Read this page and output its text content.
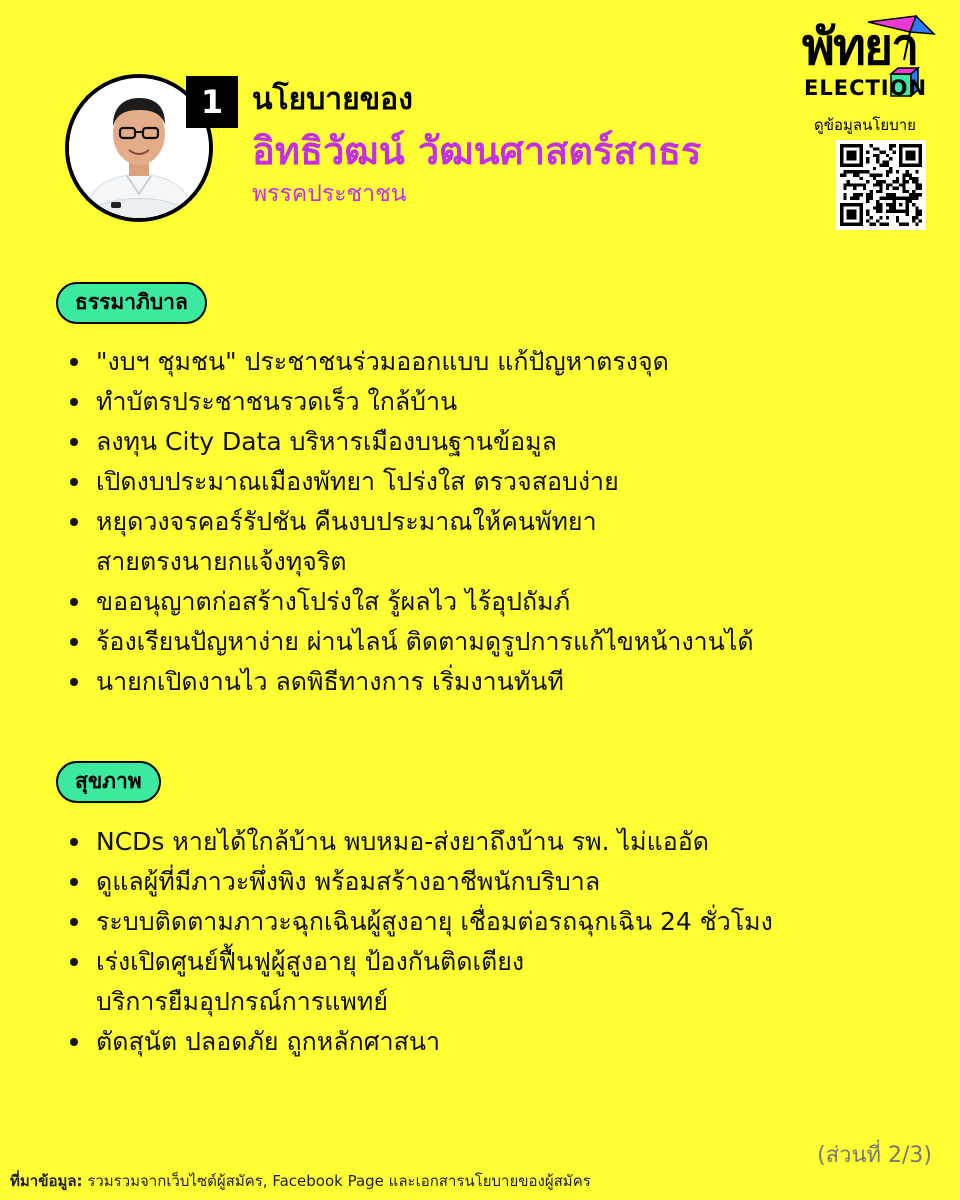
1 นโยบายของ
อิทธิวัฒน์ วัฒนศาสตร์สาธร
พรรคประชาชน
พัทยา
ELECTION
ดูข้อมูลนโยบาย
ธรรมาภิบาล
"งบฯ ชุมชน" ประชาชนร่วมออกแบบ แก้ปัญหาตรงจุด
ทำบัตรประชาชนรวดเร็ว ใกล้บ้าน
ลงทุน City Data บริหารเมืองบนฐานข้อมูล
เปิดงบประมาณเมืองพัทยา โปร่งใส ตรวจสอบง่าย
หยุดวงจรคอร์รัปชัน คืนงบประมาณให้คนพัทยา
สายตรงนายกแจ้งทุจริต
ขออนุญาตก่อสร้างโปร่งใส รู้ผลไว ไร้อุปถัมภ์
ร้องเรียนปัญหาง่าย ผ่านไลน์ ติดตามดูรูปการแก้ไขหน้างานได้
นายกเปิดงานไว ลดพิธีทางการ เริ่มงานทันที
สุขภาพ
NCDs หายได้ใกล้บ้าน พบหมอ-ส่งยาถึงบ้าน รพ. ไม่แออัด
ดูแลผู้ที่มีภาวะพึ่งพิง พร้อมสร้างอาชีพนักบริบาล
ระบบติดตามภาวะฉุกเฉินผู้สูงอายุ เชื่อมต่อรถฉุกเฉิน 24 ชั่วโมง
เร่งเปิดศูนย์ฟื้นฟูผู้สูงอายุ ป้องกันติดเตียง
บริการยืมอุปกรณ์การแพทย์
ตัดสุนัต ปลอดภัย ถูกหลักศาสนา
(ส่วนที่ 2/3)
ที่มาข้อมูล: รวมรวมจากเว็บไซต์ผู้สมัคร, Facebook Page และเอกสารนโยบายของผู้สมัคร
